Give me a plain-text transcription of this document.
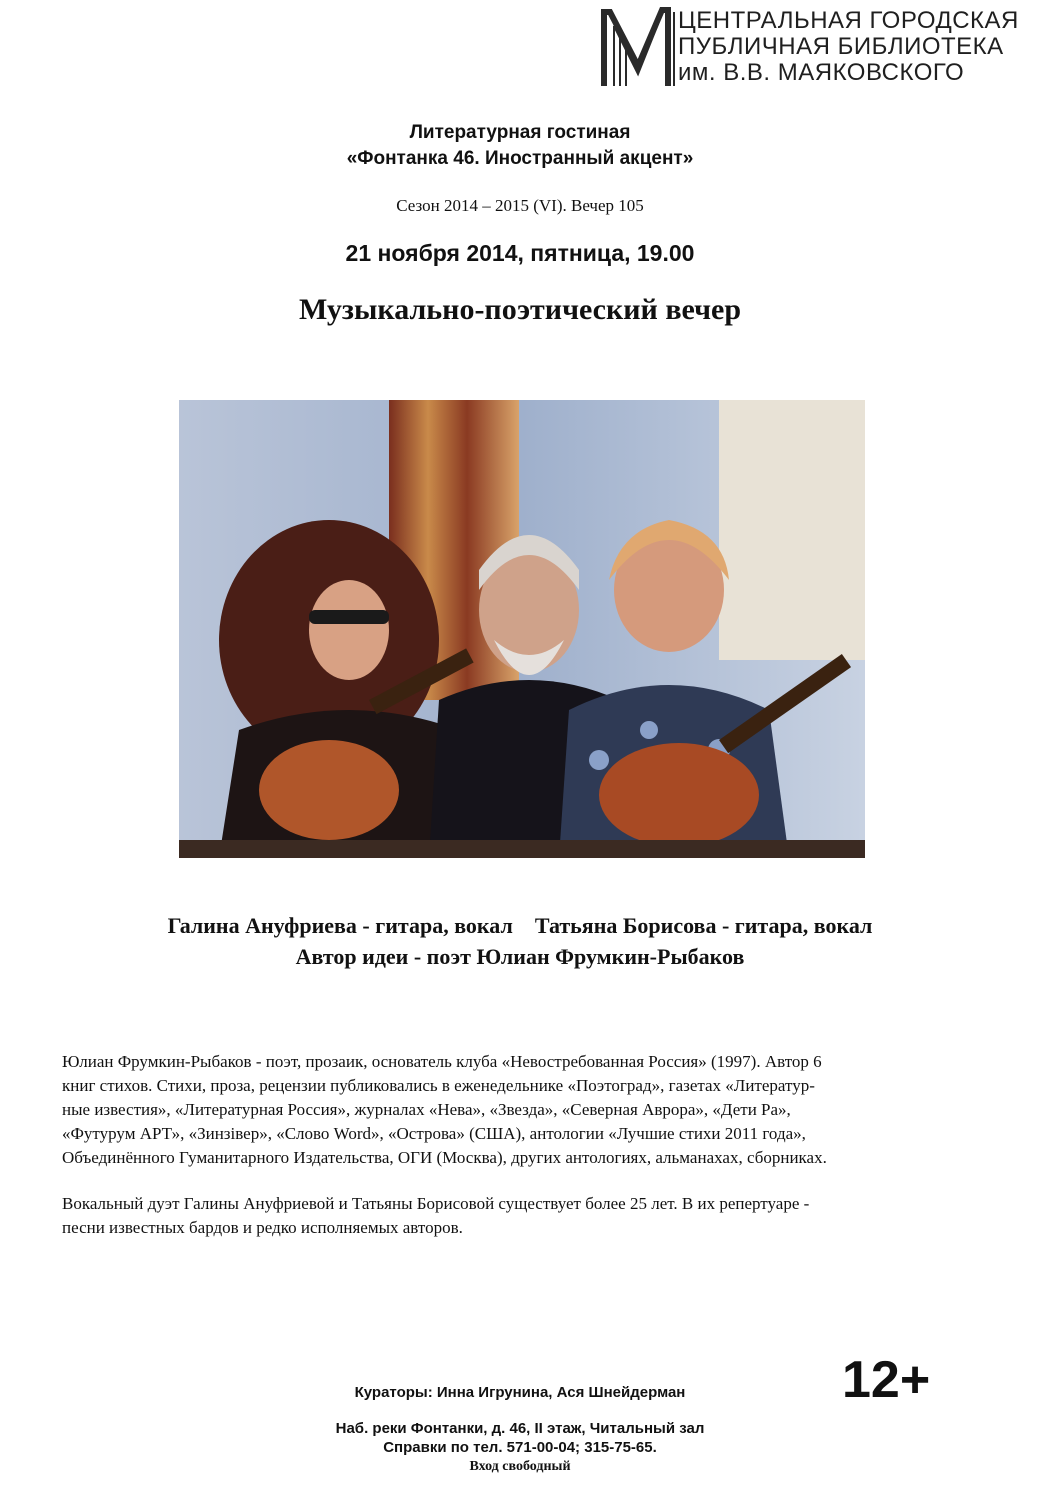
ЦЕНТРАЛЬНАЯ ГОРОДСКАЯ
ПУБЛИЧНАЯ БИБЛИОТЕКА
им. В.В. МАЯКОВСКОГО
Литературная гостиная
«Фонтанка 46. Иностранный акцент»
Сезон 2014 – 2015 (VI). Вечер 105
21 ноября 2014, пятница, 19.00
Музыкально-поэтический вечер
Галина Ануфриева - гитара, вокал Татьяна Борисова - гитара, вокал
Автор идеи - поэт Юлиан Фрумкин-Рыбаков

Юлиан Фрумкин-Рыбаков - поэт, прозаик, основатель клуба «Невостребованная Россия» (1997). Автор 6
книг стихов. Стихи, проза, рецензии публиковались в еженедельнике «Поэтоград», газетах «Литератур-
ные известия», «Литературная Россия», журналах «Нева», «Звезда», «Северная Аврора», «Дети Ра»,
«Футурум АРТ», «Зинзiвер», «Слово Word», «Острова» (США), антологии «Лучшие стихи 2011 года»,
Объединённого Гуманитарного Издательства, ОГИ (Москва), других антологиях, альманахах, сборниках.

Вокальный дуэт Галины Ануфриевой и Татьяны Борисовой существует более 25 лет. В их репертуаре -
песни известных бардов и редко исполняемых авторов.

12+
Кураторы: Инна Игрунина, Ася Шнейдерман
Наб. реки Фонтанки, д. 46, II этаж, Читальный зал
Справки по тел. 571-00-04; 315-75-65.
Вход свободный
